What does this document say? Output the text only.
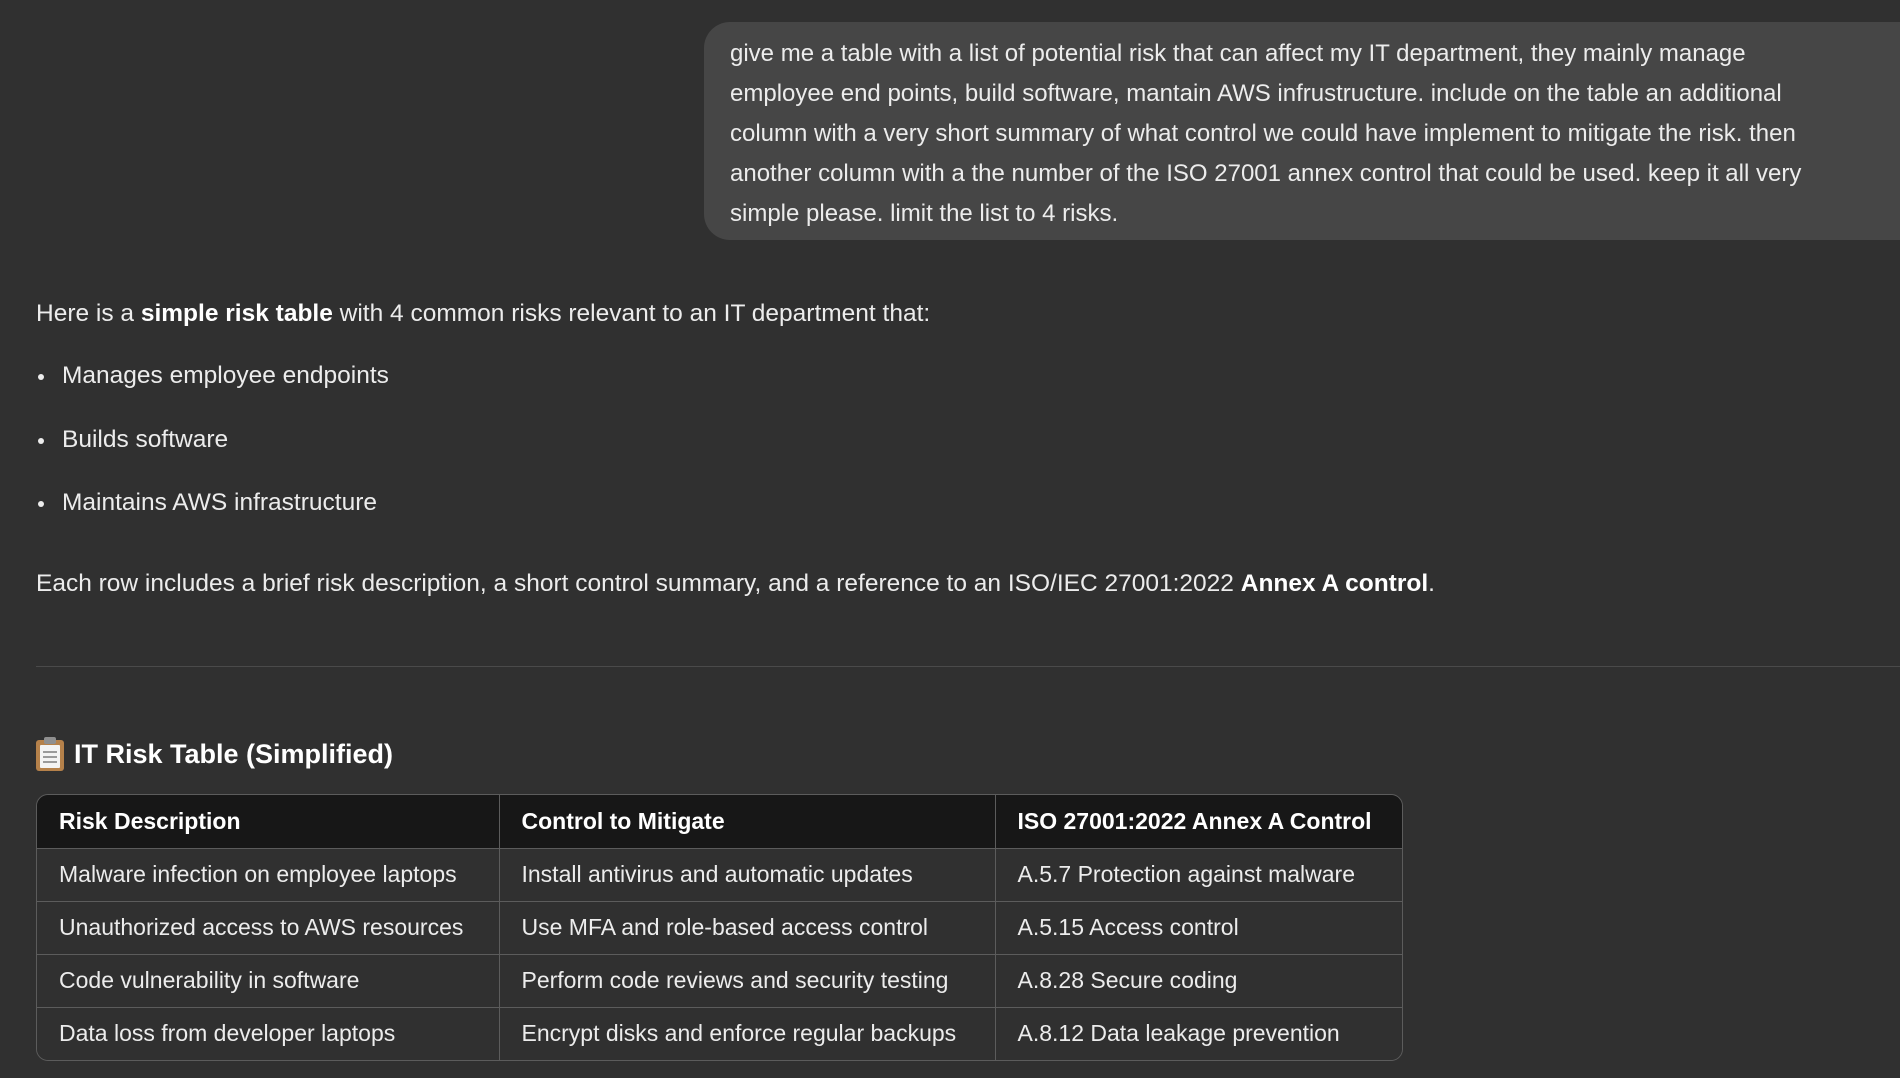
give me a table with a list of potential risk that can affect my IT department, they mainly manage
employee end points, build software, mantain AWS infrustructure. include on the table an additional
column with a very short summary of what control we could have implement to mitigate the risk. then
another column with a the number of the ISO 27001 annex control that could be used. keep it all very
simple please. limit the list to 4 risks.
Here is a simple risk table with 4 common risks relevant to an IT department that:
Manages employee endpoints
Builds software
Maintains AWS infrastructure
Each row includes a brief risk description, a short control summary, and a reference to an ISO/IEC 27001:2022 Annex A control.
IT Risk Table (Simplified)
Risk Description	Control to Mitigate	ISO 27001:2022 Annex A Control
Malware infection on employee laptops	Install antivirus and automatic updates	A.5.7 Protection against malware
Unauthorized access to AWS resources	Use MFA and role-based access control	A.5.15 Access control
Code vulnerability in software	Perform code reviews and security testing	A.8.28 Secure coding
Data loss from developer laptops	Encrypt disks and enforce regular backups	A.8.12 Data leakage prevention
